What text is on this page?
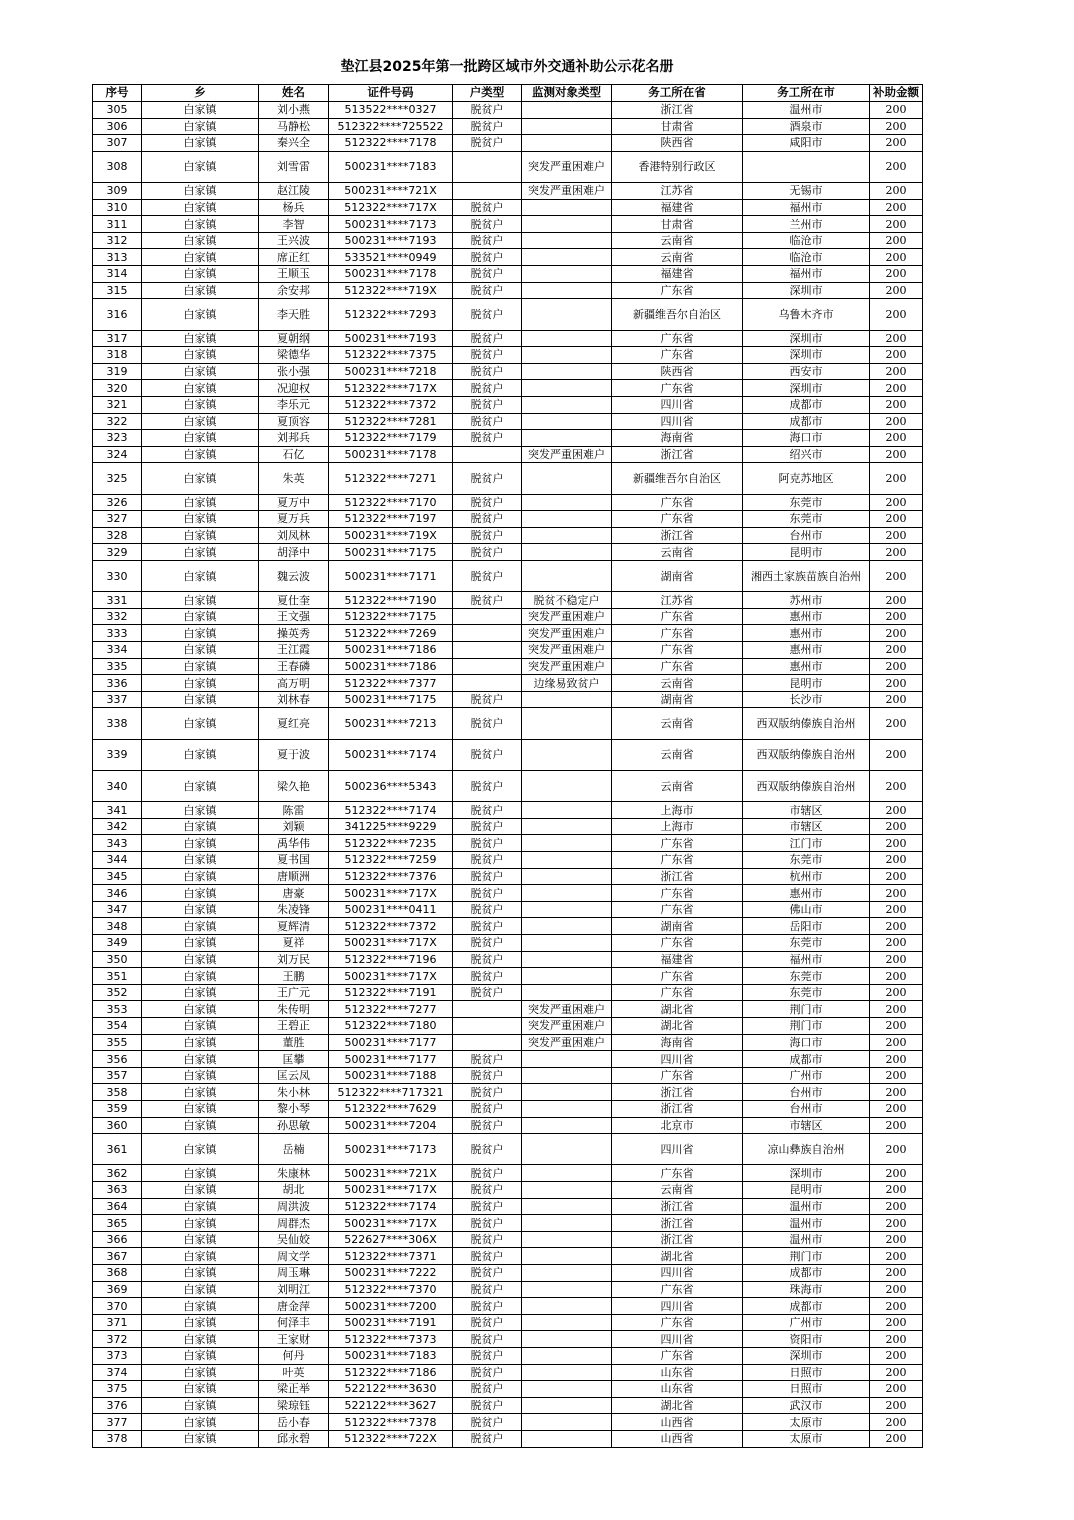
垫江县2025年第一批跨区域市外交通补助公示花名册
序号	乡	姓名	证件号码	户类型	监测对象类型	务工所在省	务工所在市	补助金额
305	白家镇	刘小燕	513522****0327	脱贫户		浙江省	温州市	200
306	白家镇	马静松	512322****725522	脱贫户		甘肃省	酒泉市	200
307	白家镇	秦兴全	512322****7178	脱贫户		陕西省	咸阳市	200
308	白家镇	刘雪雷	500231****7183		突发严重困难户	香港特别行政区		200
309	白家镇	赵江陵	500231****721X		突发严重困难户	江苏省	无锡市	200
310	白家镇	杨兵	512322****717X	脱贫户		福建省	福州市	200
311	白家镇	李智	500231****7173	脱贫户		甘肃省	兰州市	200
312	白家镇	王兴波	500231****7193	脱贫户		云南省	临沧市	200
313	白家镇	席正红	533521****0949	脱贫户		云南省	临沧市	200
314	白家镇	王顺玉	500231****7178	脱贫户		福建省	福州市	200
315	白家镇	余安邦	512322****719X	脱贫户		广东省	深圳市	200
316	白家镇	李天胜	512322****7293	脱贫户		新疆维吾尔自治区	乌鲁木齐市	200
317	白家镇	夏朝纲	500231****7193	脱贫户		广东省	深圳市	200
318	白家镇	梁德华	512322****7375	脱贫户		广东省	深圳市	200
319	白家镇	张小强	500231****7218	脱贫户		陕西省	西安市	200
320	白家镇	况迎权	512322****717X	脱贫户		广东省	深圳市	200
321	白家镇	李乐元	512322****7372	脱贫户		四川省	成都市	200
322	白家镇	夏顶容	512322****7281	脱贫户		四川省	成都市	200
323	白家镇	刘邦兵	512322****7179	脱贫户		海南省	海口市	200
324	白家镇	石亿	500231****7178		突发严重困难户	浙江省	绍兴市	200
325	白家镇	朱英	512322****7271	脱贫户		新疆维吾尔自治区	阿克苏地区	200
326	白家镇	夏万中	512322****7170	脱贫户		广东省	东莞市	200
327	白家镇	夏万兵	512322****7197	脱贫户		广东省	东莞市	200
328	白家镇	刘凤林	500231****719X	脱贫户		浙江省	台州市	200
329	白家镇	胡泽中	500231****7175	脱贫户		云南省	昆明市	200
330	白家镇	魏云波	500231****7171	脱贫户		湖南省	湘西土家族苗族自治州	200
331	白家镇	夏仕奎	512322****7190	脱贫户	脱贫不稳定户	江苏省	苏州市	200
332	白家镇	王文强	512322****7175		突发严重困难户	广东省	惠州市	200
333	白家镇	操英秀	512322****7269		突发严重困难户	广东省	惠州市	200
334	白家镇	王江霞	500231****7186		突发严重困难户	广东省	惠州市	200
335	白家镇	王春磷	500231****7186		突发严重困难户	广东省	惠州市	200
336	白家镇	高万明	512322****7377		边缘易致贫户	云南省	昆明市	200
337	白家镇	刘林春	500231****7175	脱贫户		湖南省	长沙市	200
338	白家镇	夏红亮	500231****7213	脱贫户		云南省	西双版纳傣族自治州	200
339	白家镇	夏于波	500231****7174	脱贫户		云南省	西双版纳傣族自治州	200
340	白家镇	梁久艳	500236****5343	脱贫户		云南省	西双版纳傣族自治州	200
341	白家镇	陈雷	512322****7174	脱贫户		上海市	市辖区	200
342	白家镇	刘颖	341225****9229	脱贫户		上海市	市辖区	200
343	白家镇	禹华伟	512322****7235	脱贫户		广东省	江门市	200
344	白家镇	夏书国	512322****7259	脱贫户		广东省	东莞市	200
345	白家镇	唐顺洲	512322****7376	脱贫户		浙江省	杭州市	200
346	白家镇	唐豪	500231****717X	脱贫户		广东省	惠州市	200
347	白家镇	朱凌锋	500231****0411	脱贫户		广东省	佛山市	200
348	白家镇	夏辉清	512322****7372	脱贫户		湖南省	岳阳市	200
349	白家镇	夏祥	500231****717X	脱贫户		广东省	东莞市	200
350	白家镇	刘万民	512322****7196	脱贫户		福建省	福州市	200
351	白家镇	王鹏	500231****717X	脱贫户		广东省	东莞市	200
352	白家镇	王广元	512322****7191	脱贫户		广东省	东莞市	200
353	白家镇	朱传明	512322****7277		突发严重困难户	湖北省	荆门市	200
354	白家镇	王碧正	512322****7180		突发严重困难户	湖北省	荆门市	200
355	白家镇	董胜	500231****7177		突发严重困难户	海南省	海口市	200
356	白家镇	匡攀	500231****7177	脱贫户		四川省	成都市	200
357	白家镇	匡云凤	500231****7188	脱贫户		广东省	广州市	200
358	白家镇	朱小林	512322****717321	脱贫户		浙江省	台州市	200
359	白家镇	黎小琴	512322****7629	脱贫户		浙江省	台州市	200
360	白家镇	孙思敏	500231****7204	脱贫户		北京市	市辖区	200
361	白家镇	岳楠	500231****7173	脱贫户		四川省	凉山彝族自治州	200
362	白家镇	朱康林	500231****721X	脱贫户		广东省	深圳市	200
363	白家镇	胡北	500231****717X	脱贫户		云南省	昆明市	200
364	白家镇	周洪波	512322****7174	脱贫户		浙江省	温州市	200
365	白家镇	周群杰	500231****717X	脱贫户		浙江省	温州市	200
366	白家镇	吴仙姣	522627****306X	脱贫户		浙江省	温州市	200
367	白家镇	周文学	512322****7371	脱贫户		湖北省	荆门市	200
368	白家镇	周玉琳	500231****7222	脱贫户		四川省	成都市	200
369	白家镇	刘明江	512322****7370	脱贫户		广东省	珠海市	200
370	白家镇	唐金萍	500231****7200	脱贫户		四川省	成都市	200
371	白家镇	何泽丰	500231****7191	脱贫户		广东省	广州市	200
372	白家镇	王家财	512322****7373	脱贫户		四川省	资阳市	200
373	白家镇	何丹	500231****7183	脱贫户		广东省	深圳市	200
374	白家镇	叶英	512322****7186	脱贫户		山东省	日照市	200
375	白家镇	梁正举	522122****3630	脱贫户		山东省	日照市	200
376	白家镇	梁琼钰	522122****3627	脱贫户		湖北省	武汉市	200
377	白家镇	岳小春	512322****7378	脱贫户		山西省	太原市	200
378	白家镇	邱永碧	512322****722X	脱贫户		山西省	太原市	200
